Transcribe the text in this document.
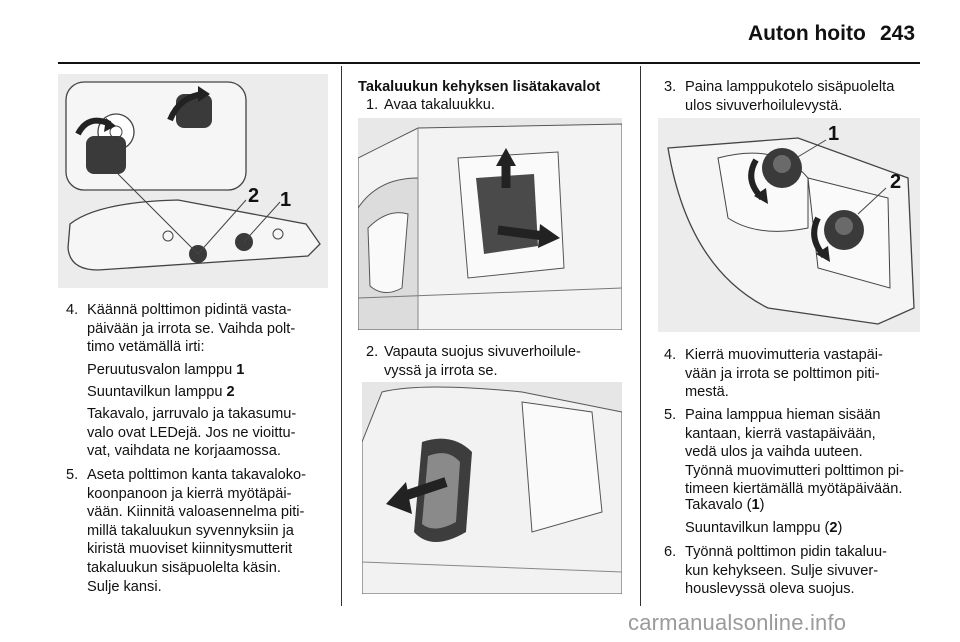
Auton hoito 243
2 1
4. Käännä polttimon pidintä vasta-
päivään ja irrota se. Vaihda polt-
timo vetämällä irti:
Peruutusvalon lamppu 1
Suuntavilkun lamppu 2
Takavalo, jarruvalo ja takasumu-
valo ovat LEDejä. Jos ne vioittu-
vat, vaihdata ne korjaamossa.
5. Aseta polttimon kanta takavaloko-
koonpanoon ja kierrä myötäpäi-
vään. Kiinnitä valoasennelma piti-
millä takaluukun syvennyksiin ja
kiristä muoviset kiinnitysmutterit
takaluukun sisäpuolelta käsin.
Sulje kansi.
Takaluukun kehyksen lisätakavalot
1. Avaa takaluukku.
2. Vapauta suojus sivuverhoilule-
vyssä ja irrota se.
3. Paina lamppukotelo sisäpuolelta
ulos sivuverhoilulevystä.
1
2
4. Kierrä muovimutteria vastapäi-
vään ja irrota se polttimon piti-
mestä.
5. Paina lamppua hieman sisään
kantaan, kierrä vastapäivään,
vedä ulos ja vaihda uuteen.
Työnnä muovimutteri polttimon pi-
timeen kiertämällä myötäpäivään.
Takavalo (1)
Suuntavilkun lamppu (2)
6. Työnnä polttimon pidin takaluu-
kun kehykseen. Sulje sivuver-
houslevyssä oleva suojus.
carmanualsonline.info
